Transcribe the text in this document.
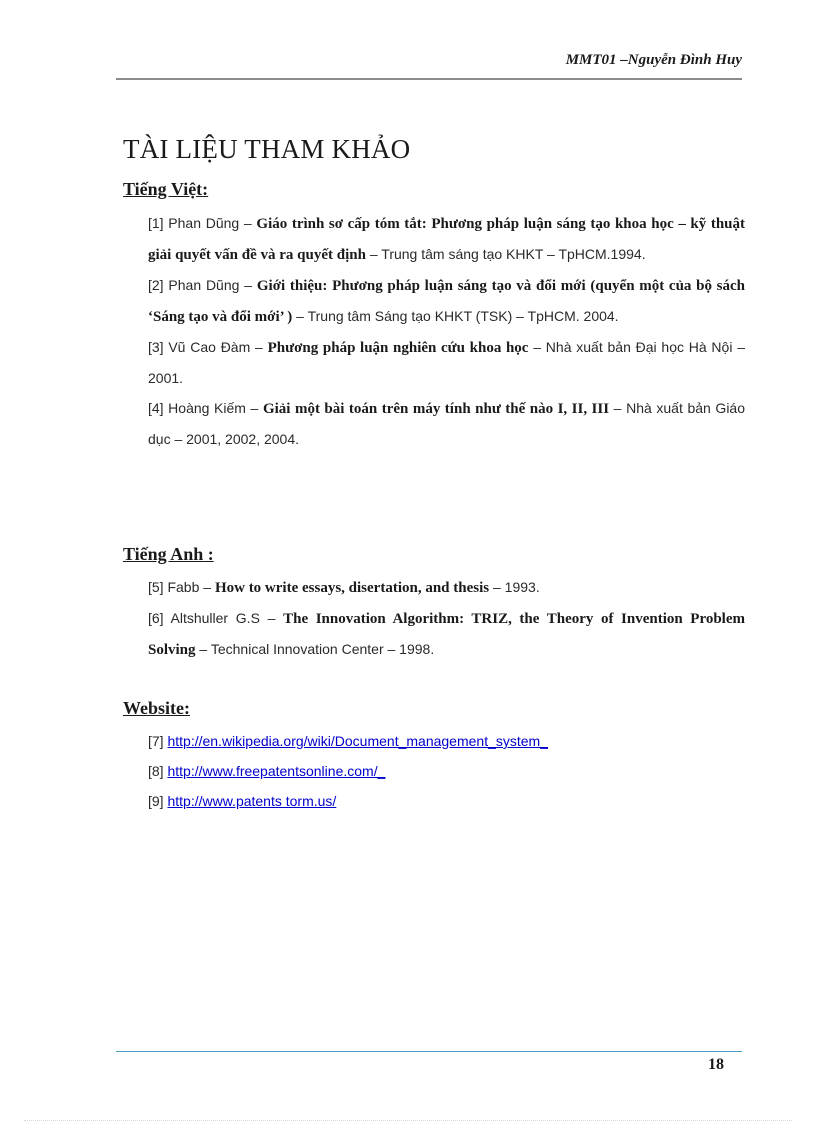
MMT01 –Nguyễn Đình Huy
TÀI LIỆU THAM KHẢO
Tiếng Việt:
[1] Phan Dũng – Giáo trình sơ cấp tóm tắt: Phương pháp luận sáng tạo khoa học – kỹ thuật giải quyết vấn đề và ra quyết định – Trung tâm sáng tạo KHKT – TpHCM.1994.
[2] Phan Dũng – Giới thiệu: Phương pháp luận sáng tạo và đổi mới (quyển một của bộ sách ‘Sáng tạo và đổi mới’ ) – Trung tâm Sáng tạo KHKT (TSK) – TpHCM. 2004.
[3] Vũ Cao Đàm – Phương pháp luận nghiên cứu khoa học – Nhà xuất bản Đại học Hà Nội – 2001.
[4] Hoàng Kiếm – Giải một bài toán trên máy tính như thế nào I, II, III – Nhà xuất bản Giáo dục – 2001, 2002, 2004.
Tiếng Anh :
[5] Fabb – How to write essays, disertation, and thesis – 1993.
[6] Altshuller G.S – The Innovation Algorithm: TRIZ, the Theory of Invention Problem Solving – Technical Innovation Center – 1998.
Website:
[7] http://en.wikipedia.org/wiki/Document_management_system_
[8] http://www.freepatentsonline.com/_
[9] http://www.patents torm.us/
18
